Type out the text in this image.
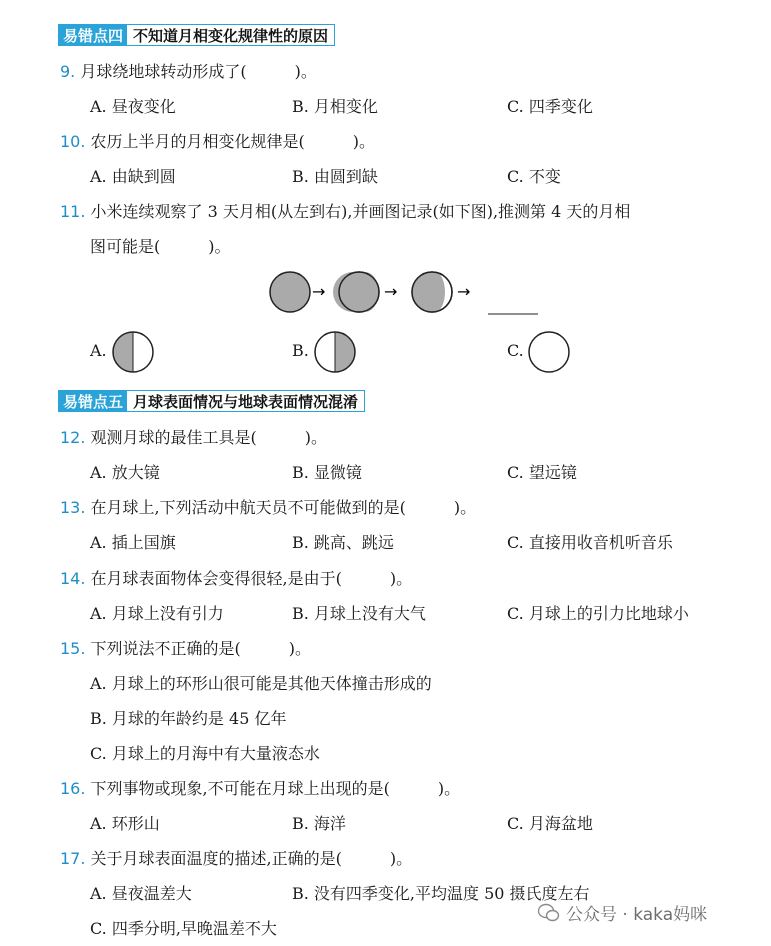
易错点四 不知道月相变化规律性的原因
9. 月球绕地球转动形成了(	)。
A. 昼夜变化	B. 月相变化	C. 四季变化
10. 农历上半月的月相变化规律是(	)。
A. 由缺到圆	B. 由圆到缺	C. 不变
11. 小米连续观察了 3 天月相(从左到右),并画图记录(如下图),推测第 4 天的月相
图可能是(	)。
→	→	→
A.	B.	C.
易错点五 月球表面情况与地球表面情况混淆
12. 观测月球的最佳工具是(	)。
A. 放大镜	B. 显微镜	C. 望远镜
13. 在月球上,下列活动中航天员不可能做到的是(	)。
A. 插上国旗	B. 跳高、跳远	C. 直接用收音机听音乐
14. 在月球表面物体会变得很轻,是由于(	)。
A. 月球上没有引力	B. 月球上没有大气	C. 月球上的引力比地球小
15. 下列说法不正确的是(	)。
A. 月球上的环形山很可能是其他天体撞击形成的
B. 月球的年龄约是 45 亿年
C. 月球上的月海中有大量液态水
16. 下列事物或现象,不可能在月球上出现的是(	)。
A. 环形山	B. 海洋	C. 月海盆地
17. 关于月球表面温度的描述,正确的是(	)。
A. 昼夜温差大	B. 没有四季变化,平均温度 50 摄氏度左右
C. 四季分明,早晚温差不大
公众号 · kaka妈咪
